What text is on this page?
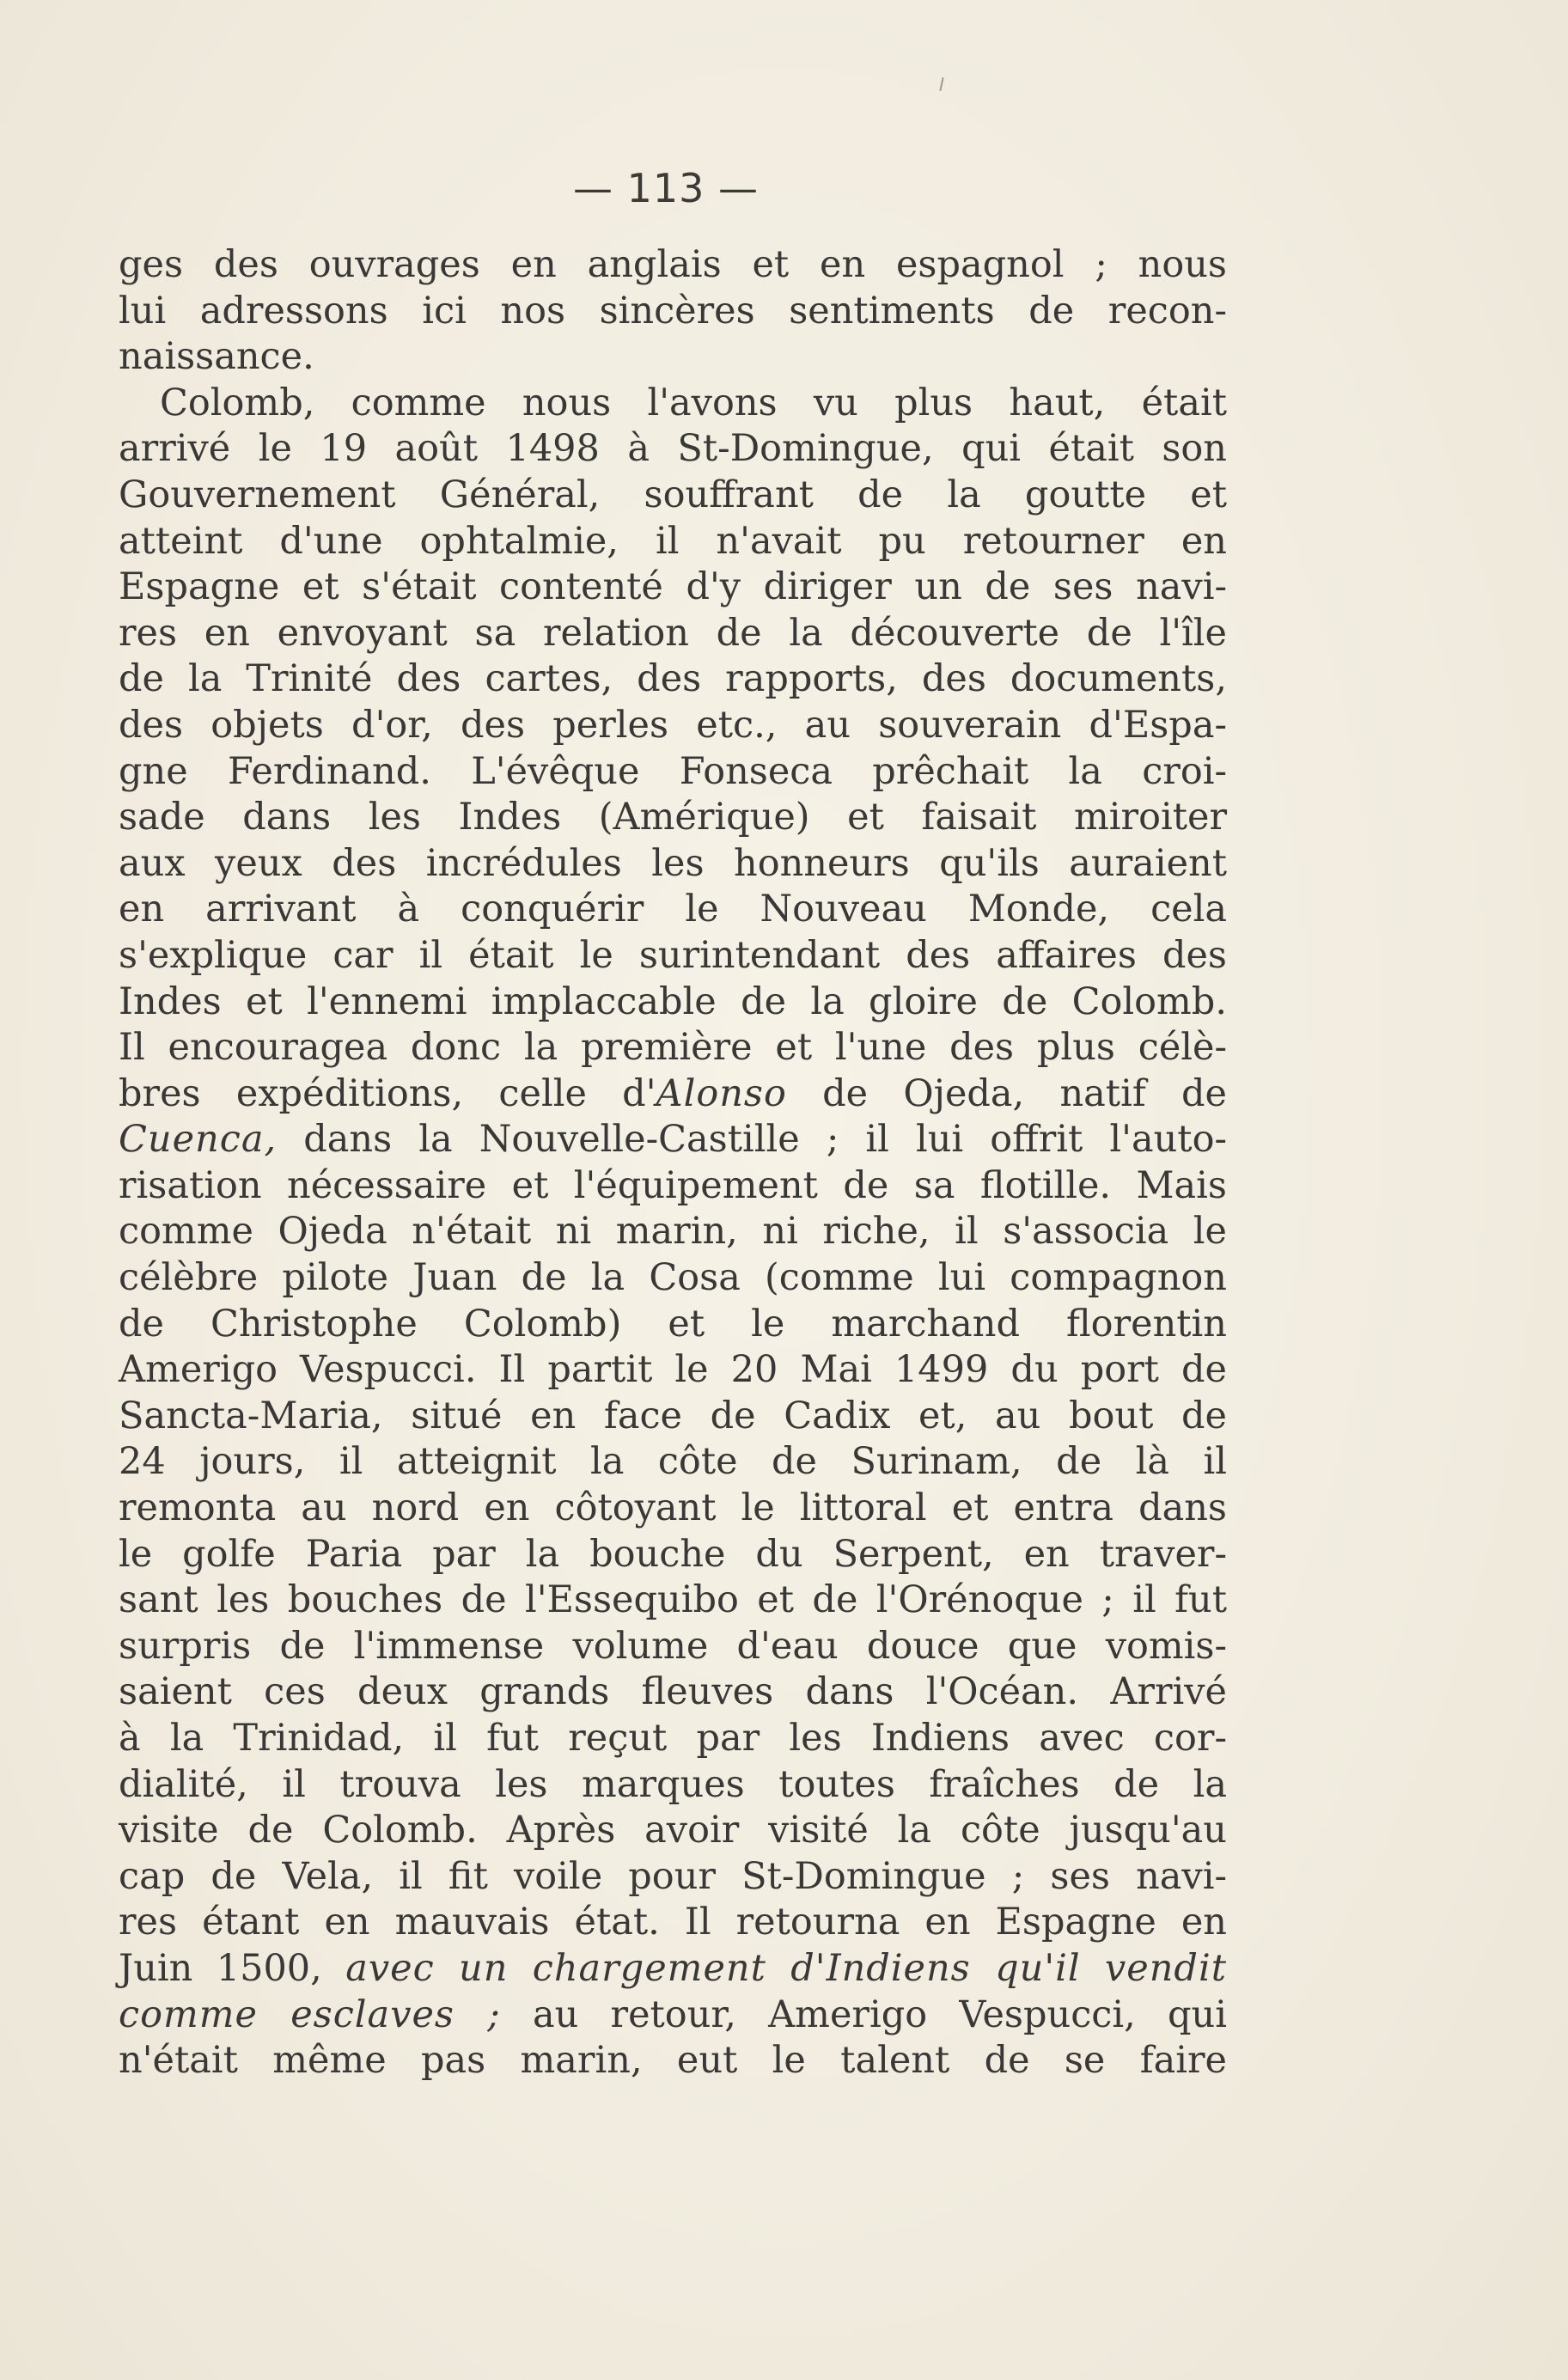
— 113 —
ges des ouvrages en anglais et en espagnol ; nous
lui adressons ici nos sincères sentiments de recon-
naissance.
Colomb, comme nous l'avons vu plus haut, était
arrivé le 19 août 1498 à St-Domingue, qui était son
Gouvernement Général, souffrant de la goutte et
atteint d'une ophtalmie, il n'avait pu retourner en
Espagne et s'était contenté d'y diriger un de ses navi-
res en envoyant sa relation de la découverte de l'île
de la Trinité des cartes, des rapports, des documents,
des objets d'or, des perles etc., au souverain d'Espa-
gne Ferdinand. L'évêque Fonseca prêchait la croi-
sade dans les Indes (Amérique) et faisait miroiter
aux yeux des incrédules les honneurs qu'ils auraient
en arrivant à conquérir le Nouveau Monde, cela
s'explique car il était le surintendant des affaires des
Indes et l'ennemi implaccable de la gloire de Colomb.
Il encouragea donc la première et l'une des plus célè-
bres expéditions, celle d'Alonso de Ojeda, natif de
Cuenca, dans la Nouvelle-Castille ; il lui offrit l'auto-
risation nécessaire et l'équipement de sa flotille. Mais
comme Ojeda n'était ni marin, ni riche, il s'associa le
célèbre pilote Juan de la Cosa (comme lui compagnon
de Christophe Colomb) et le marchand florentin
Amerigo Vespucci. Il partit le 20 Mai 1499 du port de
Sancta-Maria, situé en face de Cadix et, au bout de
24 jours, il atteignit la côte de Surinam, de là il
remonta au nord en côtoyant le littoral et entra dans
le golfe Paria par la bouche du Serpent, en traver-
sant les bouches de l'Essequibo et de l'Orénoque ; il fut
surpris de l'immense volume d'eau douce que vomis-
saient ces deux grands fleuves dans l'Océan. Arrivé
à la Trinidad, il fut reçut par les Indiens avec cor-
dialité, il trouva les marques toutes fraîches de la
visite de Colomb. Après avoir visité la côte jusqu'au
cap de Vela, il fit voile pour St-Domingue ; ses navi-
res étant en mauvais état. Il retourna en Espagne en
Juin 1500, avec un chargement d'Indiens qu'il vendit
comme esclaves ; au retour, Amerigo Vespucci, qui
n'était même pas marin, eut le talent de se faire
